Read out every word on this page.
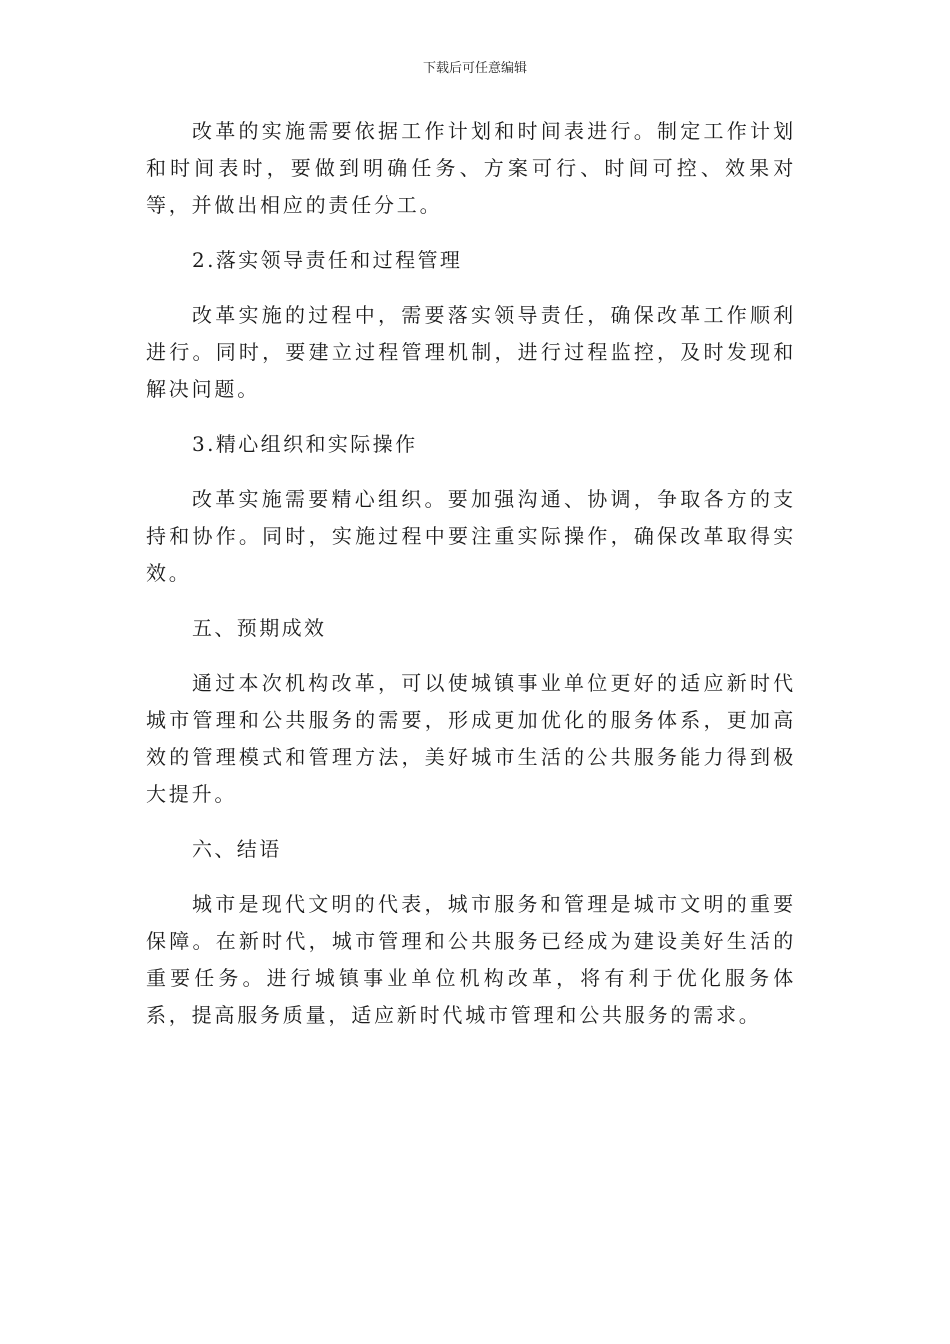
下载后可任意编辑

改革的实施需要依据工作计划和时间表进行。制定工作计划和时间表时，要做到明确任务、方案可行、时间可控、效果对等，并做出相应的责任分工。

2.落实领导责任和过程管理

改革实施的过程中，需要落实领导责任，确保改革工作顺利进行。同时，要建立过程管理机制，进行过程监控，及时发现和解决问题。

3.精心组织和实际操作

改革实施需要精心组织。要加强沟通、协调，争取各方的支持和协作。同时，实施过程中要注重实际操作，确保改革取得实效。

五、预期成效

通过本次机构改革，可以使城镇事业单位更好的适应新时代城市管理和公共服务的需要，形成更加优化的服务体系，更加高效的管理模式和管理方法，美好城市生活的公共服务能力得到极大提升。

六、结语

城市是现代文明的代表，城市服务和管理是城市文明的重要保障。在新时代，城市管理和公共服务已经成为建设美好生活的重要任务。进行城镇事业单位机构改革，将有利于优化服务体系，提高服务质量，适应新时代城市管理和公共服务的需求。
